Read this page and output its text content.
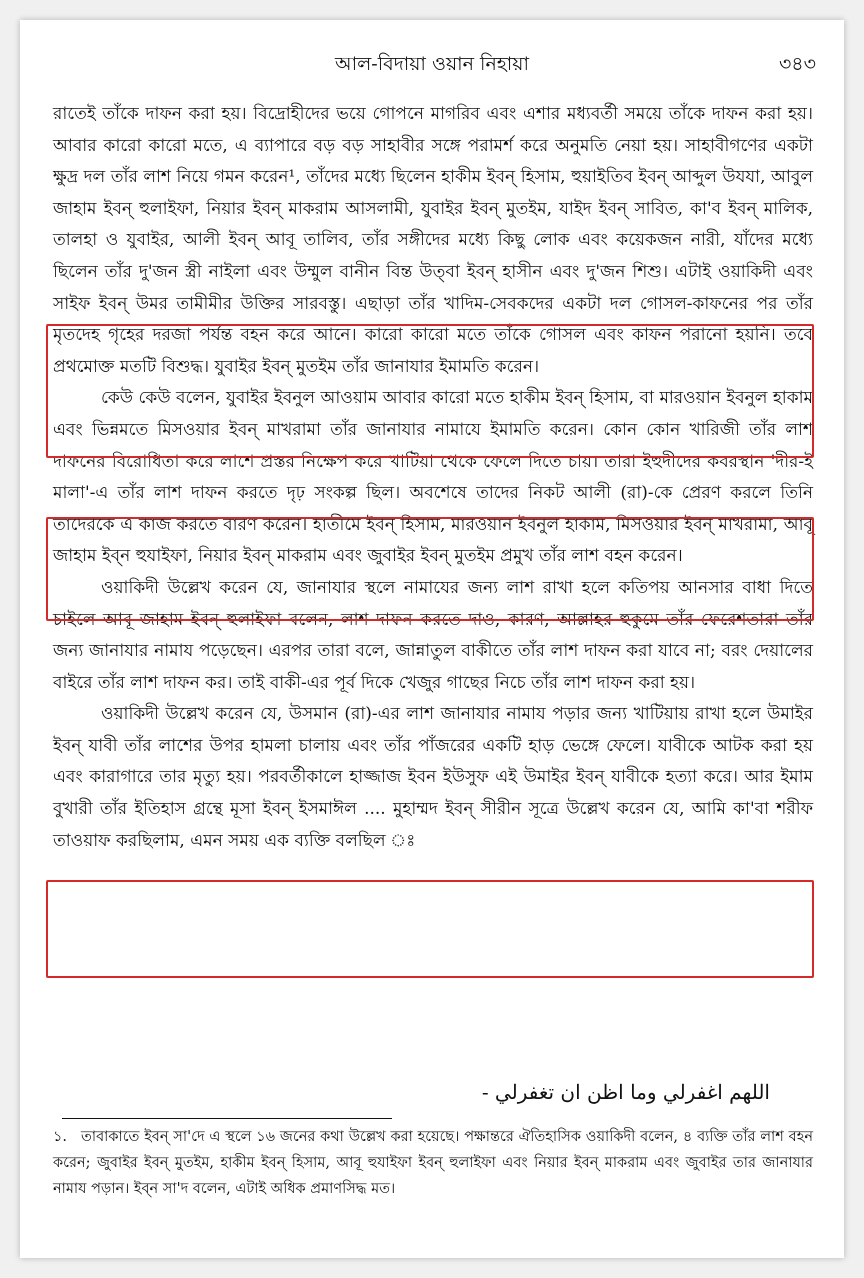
আল-বিদায়া ওয়ান নিহায়া	৩৪৩

রাতেই তাঁকে দাফন করা হয়। বিদ্রোহীদের ভয়ে গোপনে মাগরিব এবং এশার মধ্যবর্তী সময়ে তাঁকে দাফন করা হয়। আবার কারো কারো মতে, এ ব্যাপারে বড় বড় সাহাবীর সঙ্গে পরামর্শ করে অনুমতি নেয়া হয়। সাহাবীগণের একটা ক্ষুদ্র দল তাঁর লাশ নিয়ে গমন করেন¹, তাঁদের মধ্যে ছিলেন হাকীম ইবন্ হিসাম, হুয়াইতিব ইবন্ আব্দুল উযযা, আবুল জাহাম ইবন্ হুলাইফা, নিয়ার ইবন্ মাকরাম আসলামী, যুবাইর ইবন্ মুতইম, যাইদ ইবন্ সাবিত, কা'ব ইবন্ মালিক, তালহা ও যুবাইর, আলী ইবন্ আবূ তালিব, তাঁর সঙ্গীদের মধ্যে কিছু লোক এবং কয়েকজন নারী, যাঁদের মধ্যে ছিলেন তাঁর দু'জন স্ত্রী নাইলা এবং উম্মুল বানীন বিন্ত উত্‌বা ইবন্ হাসীন এবং দু'জন শিশু। এটাই ওয়াকিদী এবং সাইফ ইবন্ উমর তামীমীর উক্তির সারবস্তু। এছাড়া তাঁর খাদিম-সেবকদের একটা দল গোসল-কাফনের পর তাঁর মৃতদেহ গৃহের দরজা পর্যন্ত বহন করে আনে। কারো কারো মতে তাঁকে গোসল এবং কাফন পরানো হয়নি। তবে প্রথমোক্ত মতটি বিশুদ্ধ। যুবাইর ইবন্ মুতইম তাঁর জানাযার ইমামতি করেন।

কেউ কেউ বলেন, যুবাইর ইবনুল আওয়াম আবার কারো মতে হাকীম ইবন্ হিসাম, বা মারওয়ান ইবনুল হাকাম এবং ভিন্নমতে মিসওয়ার ইবন্ মাখরামা তাঁর জানাযার নামাযে ইমামতি করেন। কোন কোন খারিজী তাঁর লাশ দাফনের বিরোধিতা করে লাশে প্রস্তর নিক্ষেপ করে খাটিয়া থেকে ফেলে দিতে চায়। তারা ইহুদীদের কবরস্থান 'দীর-ই মালা'-এ তাঁর লাশ দাফন করতে দৃঢ় সংকল্প ছিল। অবশেষে তাদের নিকট আলী (রা)-কে প্রেরণ করলে তিনি তাদেরকে এ কাজ করতে বারণ করেন। হাতীমে ইবন্ হিসাম, মারওয়ান ইবনুল হাকাম, মিসওয়ার ইবন্ মাখরামা, আবূ জাহাম ইব্‌ন হুযাইফা, নিয়ার ইবন্ মাকরাম এবং জুবাইর ইবন্ মুতইম প্রমুখ তাঁর লাশ বহন করেন।

ওয়াকিদী উল্লেখ করেন যে, জানাযার স্থলে নামাযের জন্য লাশ রাখা হলে কতিপয় আনসার বাধা দিতে চাইলে আবূ জাহাম ইবন্ হুলাইফা বলেন, লাশ দাফন করতে দাও, কারণ, আল্লাহর হুকুমে তাঁর ফেরেশতারা তাঁর জন্য জানাযার নামায পড়েছেন। এরপর তারা বলে, জান্নাতুল বাকীতে তাঁর লাশ দাফন করা যাবে না; বরং দেয়ালের বাইরে তাঁর লাশ দাফন কর। তাই বাকী-এর পূর্ব দিকে খেজুর গাছের নিচে তাঁর লাশ দাফন করা হয়।

ওয়াকিদী উল্লেখ করেন যে, উসমান (রা)-এর লাশ জানাযার নামায পড়ার জন্য খাটিয়ায় রাখা হলে উমাইর ইবন্ যাবী তাঁর লাশের উপর হামলা চালায় এবং তাঁর পাঁজরের একটি হাড় ভেঙ্গে ফেলে। যাবীকে আটক করা হয় এবং কারাগারে তার মৃত্যু হয়। পরবর্তীকালে হাজ্জাজ ইবন ইউসুফ এই উমাইর ইবন্ যাবীকে হত্যা করে। আর ইমাম বুখারী তাঁর ইতিহাস গ্রন্থে মূসা ইবন্ ইসমাঈল .... মুহাম্মদ ইবন্ সীরীন সূত্রে উল্লেখ করেন যে, আমি কা'বা শরীফ তাওয়াফ করছিলাম, এমন সময় এক ব্যক্তি বলছিল ঃ

اللهم اغفرلي وما اظن ان تغفرلي -
১. তাবাকাতে ইবন্ সা'দে এ স্থলে ১৬ জনের কথা উল্লেখ করা হয়েছে। পক্ষান্তরে ঐতিহাসিক ওয়াকিদী বলেন, ৪ ব্যক্তি তাঁর লাশ বহন করেন; জুবাইর ইবন্ মুতইম, হাকীম ইবন্ হিসাম, আবূ হুযাইফা ইবন্ হুলাইফা এবং নিয়ার ইবন্ মাকরাম এবং জুবাইর তার জানাযার নামায পড়ান। ইব্‌ন সা'দ বলেন, এটাই অধিক প্রমাণসিদ্ধ মত।
